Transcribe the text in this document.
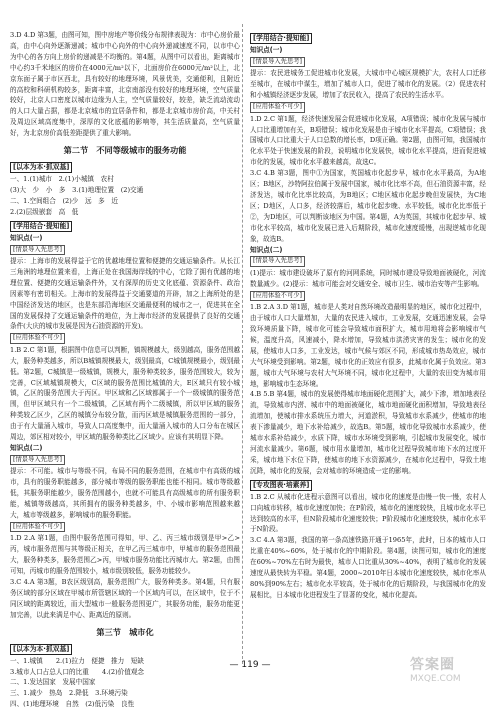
3.D 4.D 第3题，由图可知，图中房地产等价线分布规律表现为：市中心房价最高，由中心向外逐渐递减；城市中心向外的中心向外递减速度不同，以市中心为中心的各方向上房价的递减是不均衡的。第4题，从图中可以看出，距离城市中心约3千米地区的房价在4000元/m²以下，北面房价在6000元/m²以上，北京东面子属于市区西北，具有较好的地理环境，风景优美，交通便利，且附近的高校和科研机构较多，距离丰富，北京南部没有较好的地理环境，空气质量较好，北京人口密度以城市边缘为人主，空气质量较好，较差，缺乏流动流动的人口大量占据，都是北京城市的宜居条件和，都是北京城市房价高，中关村及周边区域高度集中，深厚的文化底蕴的影响等，其生活质量高，空气质量好，为北京房价高低差距提供了重大影响。

第二节　不同等级城市的服务功能
[以本为本·抓双基]

一、1.(1)城市　2.(1)小城镇　农村

(3)大　少　小　多　3.(1)地理位置　(2)交通

二、1.空间组合　(2)少　远　多　近

2.(2)层级嵌套　高　低

[学用结合·提知能]
知识点(一)
[情景导入先思考]

提示：上海市的发展得益于它的优越地理位置和便捷的交通运输条件。从长江三角洲的地理位置来看，上海正处在我国海岸线的中心，它除了拥有优越的地理位置、便捷的交通运输条件外，又有深厚的历史文化底蕴、资源条件、政治因素等有密切相关。上海市的发展得益于交通要道的开辟，加之上海所处的是中国经济发达的地区，也是东部沿海地区交通最便利的城市之一，促进其在全国的发展保持了交通运输条件的地位，为上海市经济的发展提供了良好的交通条件(大庆的城市发展是因为石油资源的开发)。

[应用体验不可少]

1.B 2.C 第1题，根据图中信息可以判断，镇规模越大，级别越高，服务范围越大，服务种类越多，所以B城镇规模最大，级别最高，C城镇规模最小，级别最低。第2题，C城镇是一级城镇，规模大，服务种类较多，服务范围较大，较为完善，C区域城镇规模大，C区域的服务范围比城镇的大，E区域只有较小城镇，乙区的服务范围大于丙区。甲区域和乙区域都属于一个一级城镇的服务范围，但甲区域只有一个二级城镇，乙区域有两个二级城镇，所以甲区域的服务种类较乙区少，乙区的城镇分布较分散，而丙区域是城镇服务范围的一部分，由于有大量涌入城市，导致人口高度集中，而大量涌入城市的人口分布在城区周边，郊区相对较小，甲区域的服务种类比乙区域少。应该有其明显下降。

知识点(二)
[情景导入先思考]

提示：不可能。城市与等级不同，布局不同的服务范围，在城市中有高级的城市，具有的服务职能越多，部分城市等级的服务职能也能不相同。城市等级越低，其服务职能越少，服务范围越小，也就不可能具有高级城市的所有服务职能，城镇等级越高，其所拥有的服务种类越多，中、小城市影响范围越来越大，城市等级越多，影响城市的服务职能。

[应用体验不可少]

1.D 2.A 第1题，由图中服务范围可得知，甲、乙、丙三城市级别是甲>乙>丙，城市服务范围与其等级正相关，在甲乙丙三城市中，甲城市的服务范围最大，服务种类多，服务范围乙>丙，甲城市服务功能比丙城市大。第2题，由图可知，丙城市的服务范围较小，城市级别较低，服务功能较少。

3.C 4.A 第3题，B农区级别高，服务范围广大，服务种类多。第4题，只有服务区域的部分区域在甲城市所管辖区域的一个区域内可以，在区域中，位于不同区域的距离较近，而大型城市一般服务范围更广，其服务功能，服务功能更加完善，以此来满足中心、距离近的原则。

第三节　城市化
[以本为本·抓双基]

一、1.城镇　　2.(1)拉力　便捷　推力　短缺

3.城市人口占总人口的比重　　4.(2)价值观念

二、1.发达国家　发展中国家

三、1.减少　热岛　2.降低　3.环境污染

四、(1)地理环境　自然　(2)低污染　良性

[学用结合·提知能]
知识点(一)
[情景导入先思考]

提示：农民进城务工促进城市化发展，大城市中心城区规模扩大，农村人口迁移至城市，在城市中谋生，增加了城市人口，促进了城市化的发展。（2）促进农村和小城镇经济逐步发展，增加了农民收入，提高了农民的生活水平。

[应用体验不可少]

1.D 2.C 第1题，经济快速发展会促进城市化发展，A项错误；城市化发展与城市人口比重增加有关，B项错误；城市化发展是由于城市化水平提高，C项错误；我国城市人口比重大于人口总数的增长率，D项正确。第2题，由图可知，我国城市化水平处于快速发展的阶段，说明城市化发展快，城市化水平提高，进而促进城市化的发展，城市化水平越来越高，故选C。

3.C 4.B 第3题，图中①为国家，英国城市化起步早，城市化水平最高，为A地区；B地区，沙特阿拉伯属于发展中国家，城市化比率不高，但石油资源丰富，经济发达，城市化比率比较高，为B地区；C地区城市化起步晚但发展快，为C地区；D地区，人口多，经济较落后，城市化起步晚、水平较低，城市化比率低于②，为D地区，可以判断该地区为中国。第4题，A为英国，其城市化起步早、城市化水平较高，城市化发展已进入后期阶段，城市化速度缓慢，出现逆城市化现象，故选B。

知识点(二)
[情景导入先思考]

(1)提示：城市建设破坏了原有的河网系统，同时城市建设导致地面被硬化，河流数量减少。(2)提示：城市可能会对交通安全、城市卫生、城市治安等产生影响。

[应用体验不可少]

1.B 2.A 3.D 第1题，城市是人类对自然环境改造最明显的地区，城市化过程中，由于城市人口大量增加，大量的农民进入城市，工业发展，交通迅速发展，会导致环境质量下降，城市化可能会导致城市面积扩大，城市用地将会影响城市气候，温度升高，风速减小，降水增加，导致城市洪涝灾害的发生；城市化的发展，使城市人口多，工业发达，城市气候与郊区不同，形成城市热岛效应，城市大气环境受到影响。第2题，城市化的正效应有很多，此城市化属于负效应。第3题，城市大气环境与农村大气环境不同，城市化过程中，大量的农田变为城市用地，影响城市生态环境。

4.B 5.B 第4题，城市的发展使得城市地面硬化范围扩大，减少下渗，增加地表径流，导致城市内涝、城市中的地面被硬化，城市地面硬化面积增加，导致地表径流增加，使城市排水系统压力增大，河道淤积，导致城市水系减少，使城市的地表下渗量减少，地下水补给减少，故选B。第5题，城市化导致城市水系减少，使城市水系补给减少，水质下降，城市水环境受到影响，引起城市发展变化，城市河流水量减少。第6题，城市用水量增加，城市化过程导致城市地下水的过度开采，城市地下水位下降，使城市的地下水资源减少，在城市化过程中，导致土地沉降，城市化的发展，会对城市的环境造成一定的影响。

[专攻图表·培素养]

1.B 2.C 从城市化进程示意图可以看出，城市化的速度是由慢一快一慢，农村人口向城市转移，城市化速度加快；在P阶段，城市化的速度较快，且城市化水平已达到较高的水平，但N阶段城市化速度较快；P阶段城市化速度较快，城市化水平于N阶段。

3.C 4.A 第3题，我国的第一条高速铁路开通于1965年，此时，日本的城市人口比重在40%~60%，处于城市化的中期阶段。第4题，读图可知，城市化的速度在60%~70%左右时为最快，城市人口比重从30%~40%，表明了城市化的发展速度从最快转为平稳。第4题，2000~2010年日本城市化速度较快，城市化率从80%到90%左右；城市化水平较高，处于城市化的后期阶段，与我国城市化的发展相比，日本城市化进程发生了显著的变化，城市化提高。

— 119 —	答案圈
MXQE.COM
